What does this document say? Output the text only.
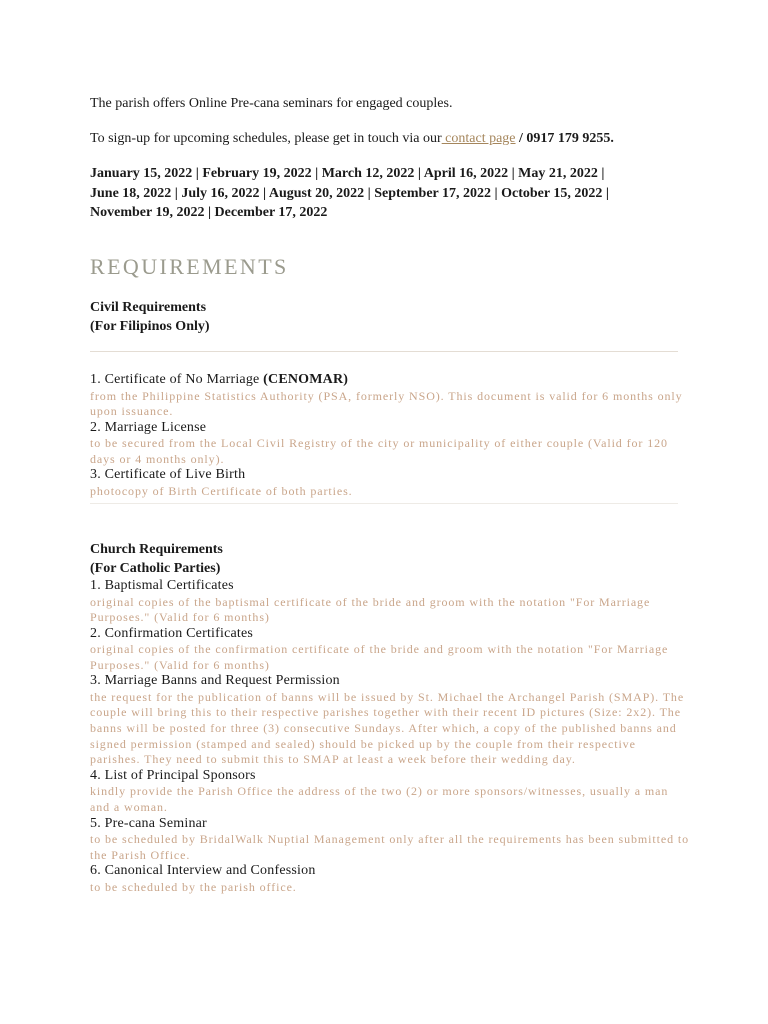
The parish offers Online Pre-cana seminars for engaged couples.

To sign-up for upcoming schedules, please get in touch via our contact page / 0917 179 9255.

January 15, 2022 | February 19, 2022 | March 12, 2022 | April 16, 2022 | May 21, 2022 |
June 18, 2022 | July 16, 2022 | August 20, 2022 | September 17, 2022 | October 15, 2022 |
November 19, 2022 | December 17, 2022
REQUIREMENTS

Civil Requirements

(For Filipinos Only)

1. Certificate of No Marriage (CENOMAR)

from the Philippine Statistics Authority (PSA, formerly NSO). This document is valid for 6 months only upon issuance.

2. Marriage License

to be secured from the Local Civil Registry of the city or municipality of either couple (Valid for 120 days or 4 months only).

3. Certificate of Live Birth

photocopy of Birth Certificate of both parties.

Church Requirements

(For Catholic Parties)

1. Baptismal Certificates

original copies of the baptismal certificate of the bride and groom with the notation "For Marriage Purposes." (Valid for 6 months)

2. Confirmation Certificates

original copies of the confirmation certificate of the bride and groom with the notation "For Marriage Purposes." (Valid for 6 months)

3. Marriage Banns and Request Permission

the request for the publication of banns will be issued by St. Michael the Archangel Parish (SMAP). The couple will bring this to their respective parishes together with their recent ID pictures (Size: 2x2). The banns will be posted for three (3) consecutive Sundays. After which, a copy of the published banns and signed permission (stamped and sealed) should be picked up by the couple from their respective parishes. They need to submit this to SMAP at least a week before their wedding day.

4. List of Principal Sponsors

kindly provide the Parish Office the address of the two (2) or more sponsors/witnesses, usually a man and a woman.

5. Pre-cana Seminar

to be scheduled by BridalWalk Nuptial Management only after all the requirements has been submitted to the Parish Office.

6. Canonical Interview and Confession

to be scheduled by the parish office.
